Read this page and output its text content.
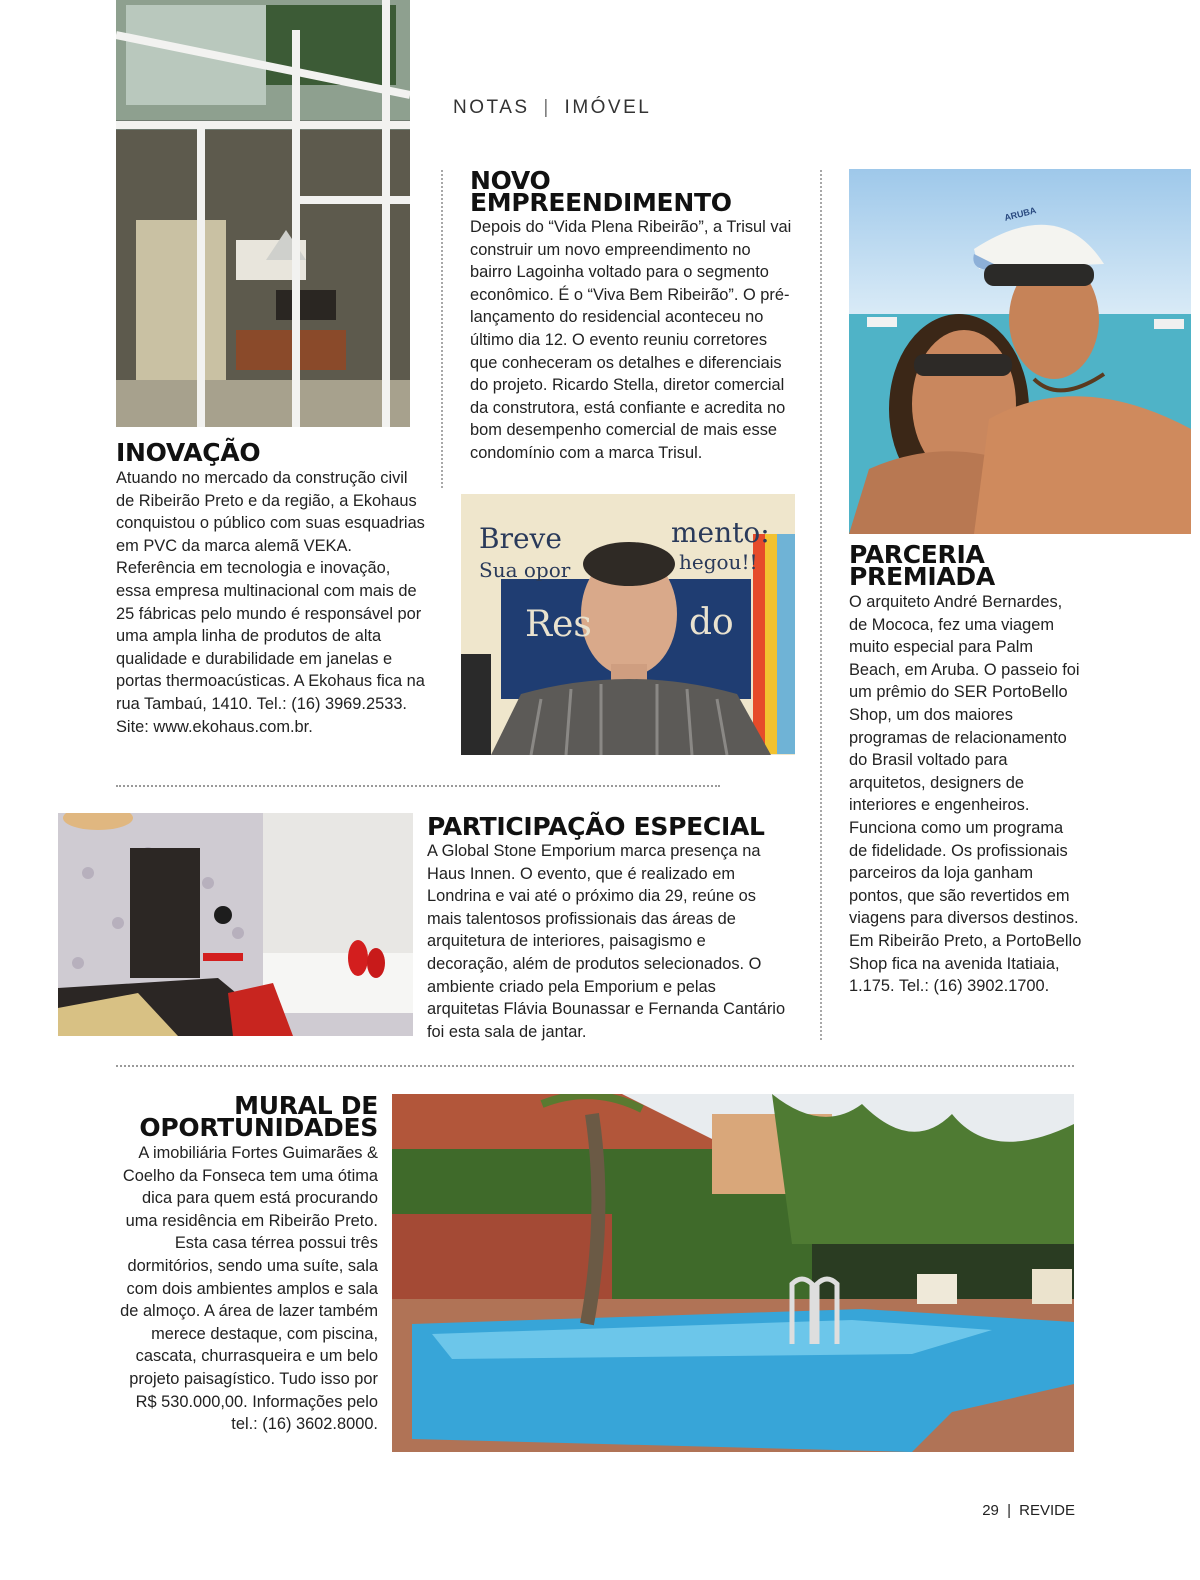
NOTAS | IMÓVEL
INOVAÇÃO

Atuando no mercado da construção civil de Ribeirão Preto e da região, a Ekohaus conquistou o público com suas esquadrias em PVC da marca alemã VEKA. Referência em tecnologia e inovação, essa empresa multinacional com mais de 25 fábricas pelo mundo é responsável por uma ampla linha de produtos de alta qualidade e durabilidade em janelas e portas thermoacústicas. A Ekohaus fica na rua Tambaú, 1410. Tel.: (16) 3969.2533. Site: www.ekohaus.com.br.

NOVO
EMPREENDIMENTO

Depois do “Vida Plena Ribeirão”, a Trisul vai construir um novo empreendimento no bairro Lagoinha voltado para o segmento econômico. É o “Viva Bem Ribeirão”. O pré-lançamento do residencial aconteceu no último dia 12. O evento reuniu corretores que conheceram os detalhes e diferenciais do projeto. Ricardo Stella, diretor comercial da construtora, está confiante e acredita no bom desempenho comercial de mais esse condomínio com a marca Trisul.

Breve	mento:
Sua opor	hegou!!
Res	do
ARUBA
PARCERIA
PREMIADA

O arquiteto André Bernardes, de Mococa, fez uma viagem muito especial para Palm Beach, em Aruba. O passeio foi um prêmio do SER PortoBello Shop, um dos maiores programas de relacionamento do Brasil voltado para arquitetos, designers de interiores e engenheiros. Funciona como um programa de fidelidade. Os profissionais parceiros da loja ganham pontos, que são revertidos em viagens para diversos destinos. Em Ribeirão Preto, a PortoBello Shop fica na avenida Itatiaia, 1.175. Tel.: (16) 3902.1700.

PARTICIPAÇÃO ESPECIAL

A Global Stone Emporium marca presença na Haus Innen. O evento, que é realizado em Londrina e vai até o próximo dia 29, reúne os mais talentosos profissionais das áreas de arquitetura de interiores, paisagismo e decoração, além de produtos selecionados. O ambiente criado pela Emporium e pelas arquitetas Flávia Bounassar e Fernanda Cantário foi esta sala de jantar.

MURAL DE
OPORTUNIDADES

A imobiliária Fortes Guimarães & Coelho da Fonseca tem uma ótima dica para quem está procurando uma residência em Ribeirão Preto. Esta casa térrea possui três dormitórios, sendo uma suíte, sala com dois ambientes amplos e sala de almoço. A área de lazer também merece destaque, com piscina, cascata, churrasqueira e um belo projeto paisagístico. Tudo isso por R$ 530.000,00. Informações pelo tel.: (16) 3602.8000.

29 | REVIDE
